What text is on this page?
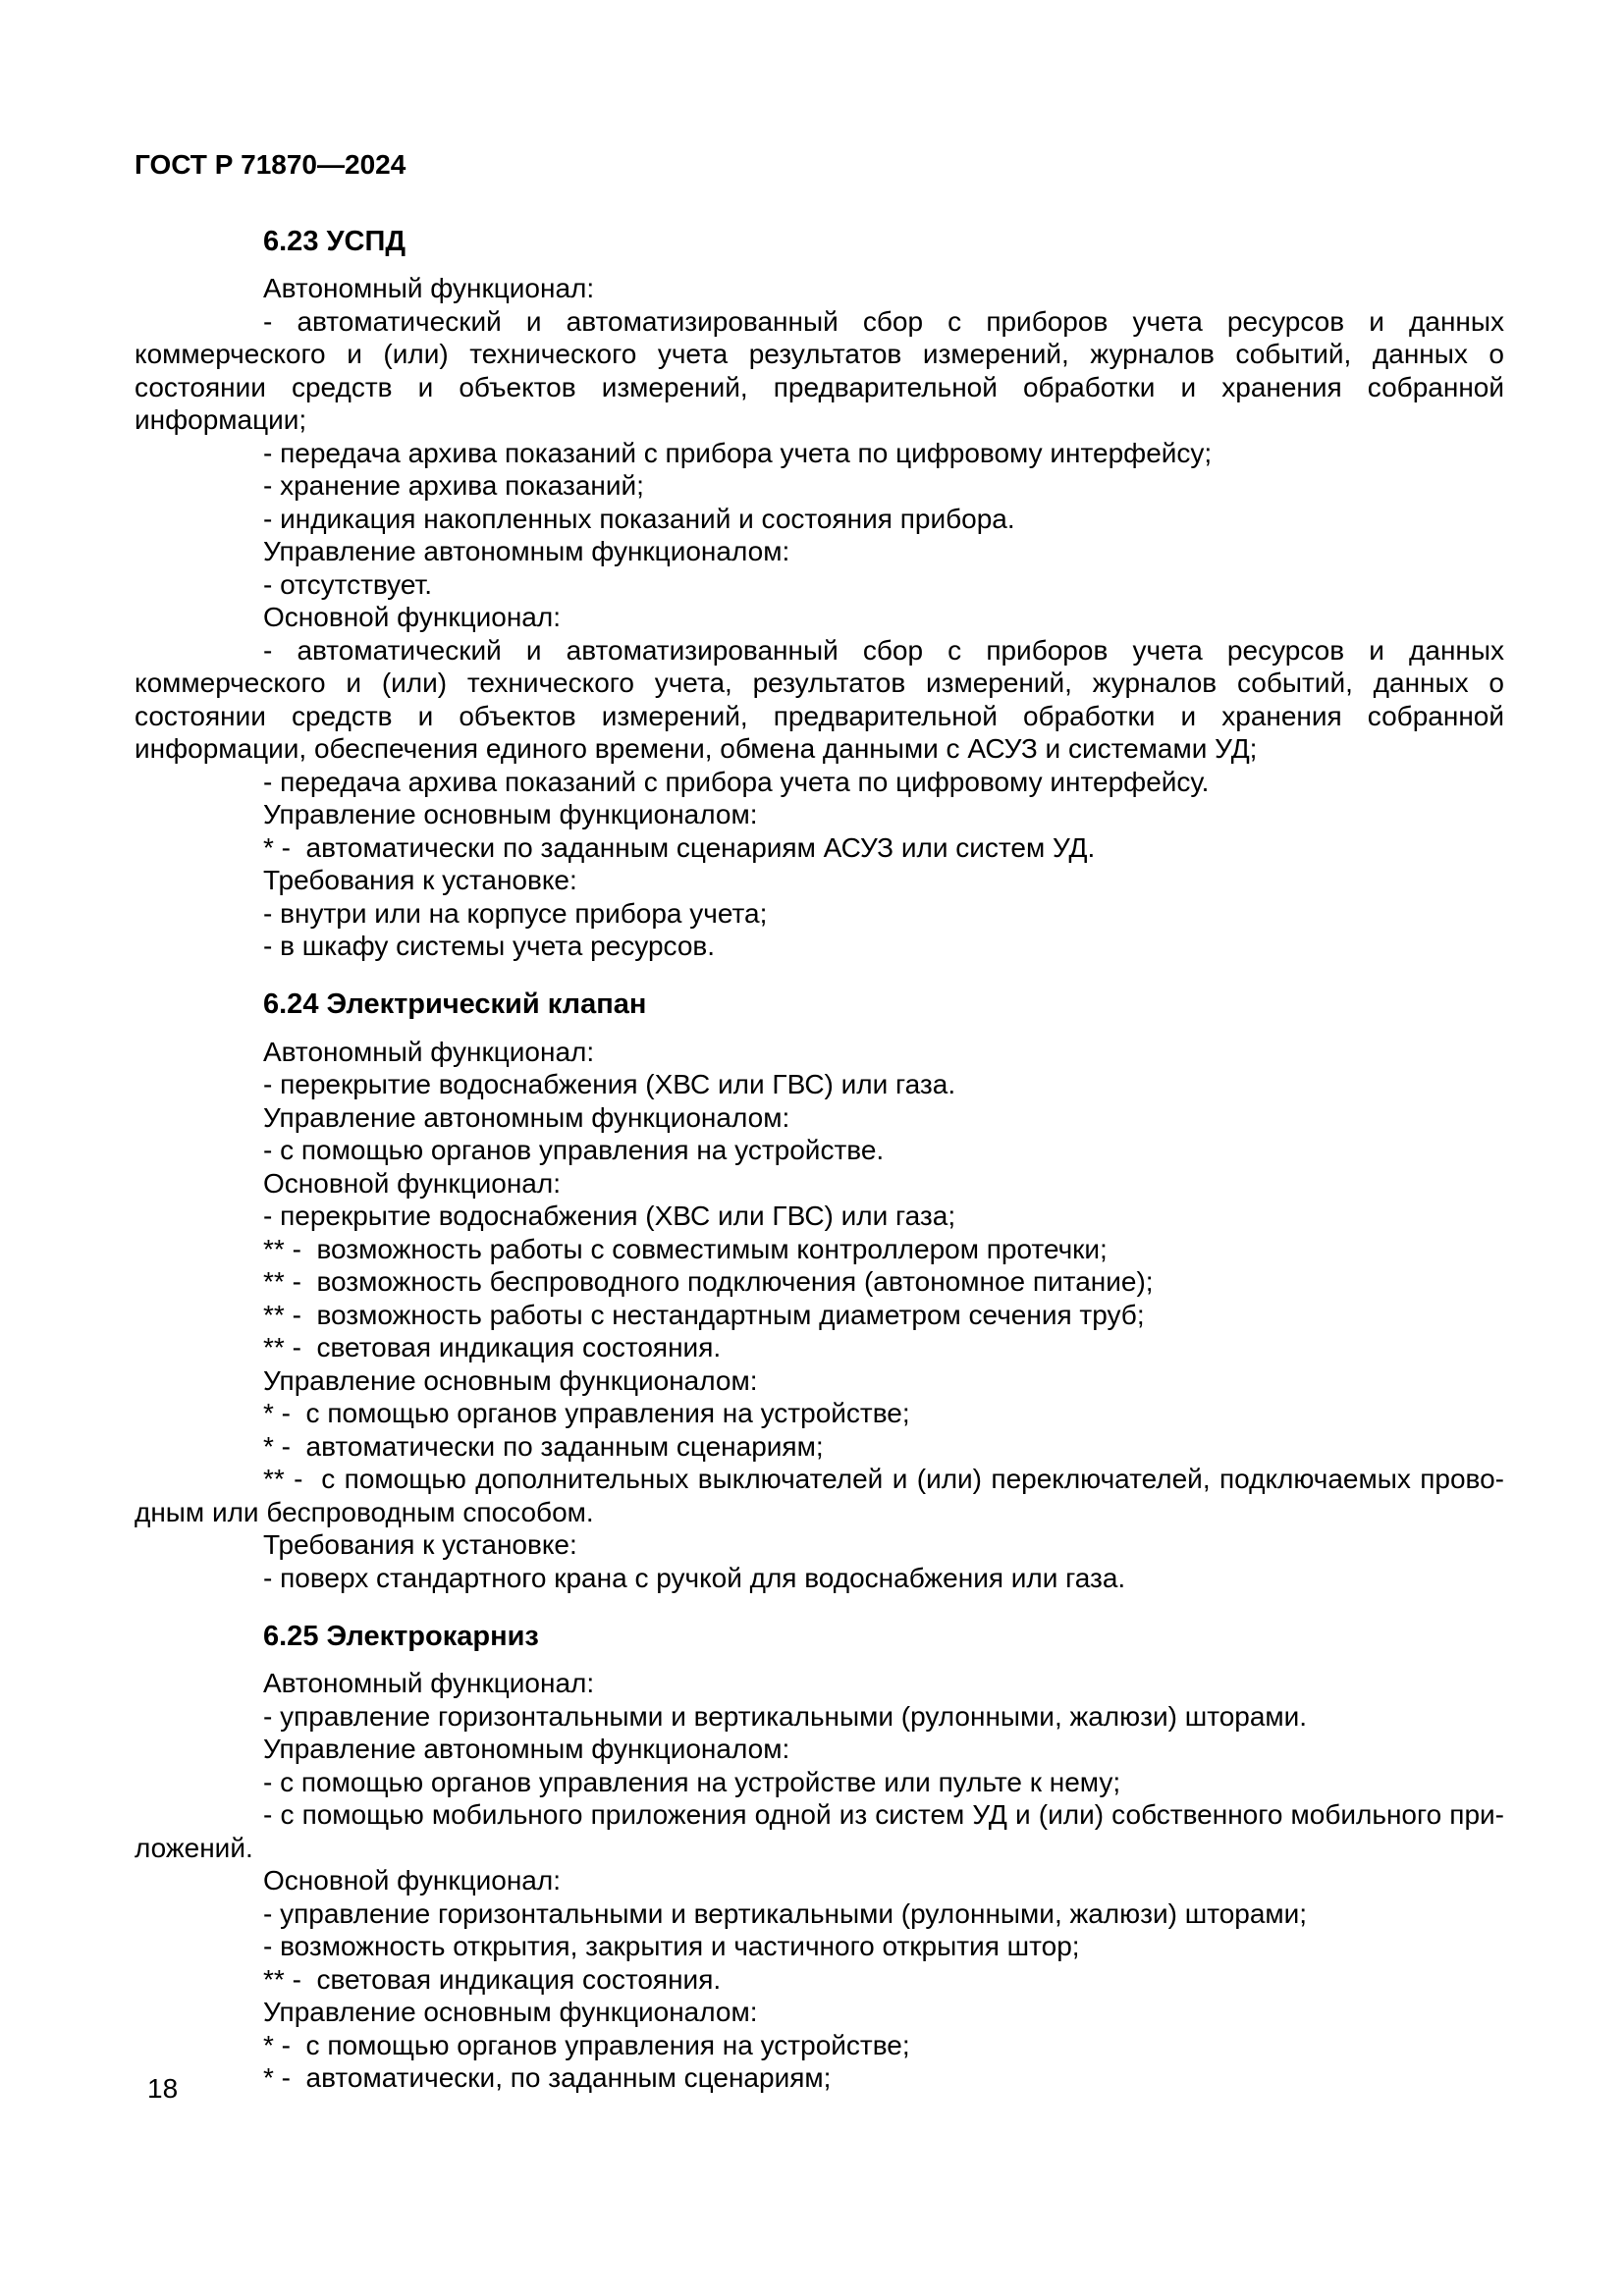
ГОСТ Р 71870—2024
6.23 УСПД

Автономный функционал:

- автоматический и автоматизированный сбор с приборов учета ресурсов и данных коммерческого и (или) технического учета результатов измерений, журналов событий, данных о состоянии средств и объектов измерений, предварительной обработки и хранения собранной информации;

- передача архива показаний с прибора учета по цифровому интерфейсу;

- хранение архива показаний;

- индикация накопленных показаний и состояния прибора.

Управление автономным функционалом:

- отсутствует.

Основной функционал:

- автоматический и автоматизированный сбор с приборов учета ресурсов и данных коммерческого и (или) технического учета, результатов измерений, журналов событий, данных о состоянии средств и объектов измерений, предварительной обработки и хранения собранной информации, обеспечения единого времени, обмена данными с АСУЗ и системами УД;

- передача архива показаний с прибора учета по цифровому интерфейсу.

Управление основным функционалом:

* -  автоматически по заданным сценариям АСУЗ или систем УД.

Требования к установке:

- внутри или на корпусе прибора учета;

- в шкафу системы учета ресурсов.

6.24 Электрический клапан

Автономный функционал:

- перекрытие водоснабжения (ХВС или ГВС) или газа.

Управление автономным функционалом:

- с помощью органов управления на устройстве.

Основной функционал:

- перекрытие водоснабжения (ХВС или ГВС) или газа;

** -  возможность работы с совместимым контроллером протечки;

** -  возможность беспроводного подключения (автономное питание);

** -  возможность работы с нестандартным диаметром сечения труб;

** -  световая индикация состояния.

Управление основным функционалом:

* -  с помощью органов управления на устройстве;

* -  автоматически по заданным сценариям;

** -  с помощью дополнительных выключателей и (или) переключателей, подключаемых проводным или беспроводным способом.

Требования к установке:

- поверх стандартного крана с ручкой для водоснабжения или газа.

6.25 Электрокарниз

Автономный функционал:

- управление горизонтальными и вертикальными (рулонными, жалюзи) шторами.

Управление автономным функционалом:

- с помощью органов управления на устройстве или пульте к нему;

- с помощью мобильного приложения одной из систем УД и (или) собственного мобильного приложений.

Основной функционал:

- управление горизонтальными и вертикальными (рулонными, жалюзи) шторами;

- возможность открытия, закрытия и частичного открытия штор;

** -  световая индикация состояния.

Управление основным функционалом:

* -  с помощью органов управления на устройстве;

* -  автоматически, по заданным сценариям;

18
